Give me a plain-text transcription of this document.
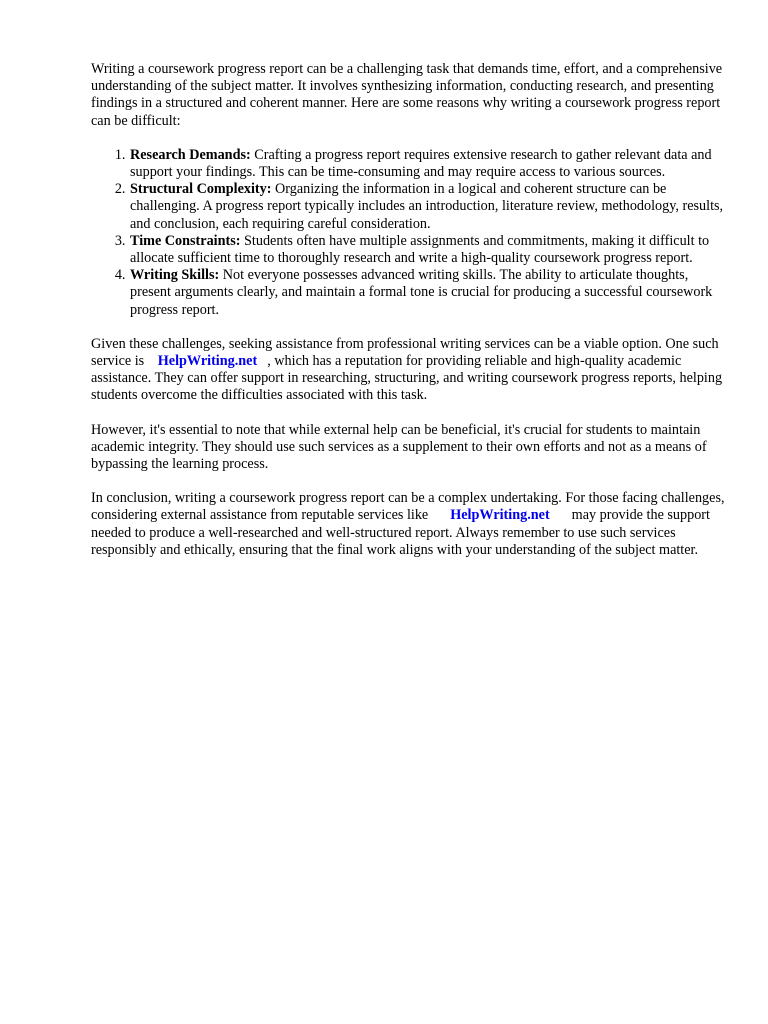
Writing a coursework progress report can be a challenging task that demands time, effort, and a comprehensive understanding of the subject matter. It involves synthesizing information, conducting research, and presenting findings in a structured and coherent manner. Here are some reasons why writing a coursework progress report can be difficult:

1. Research Demands: Crafting a progress report requires extensive research to gather relevant data and support your findings. This can be time-consuming and may require access to various sources.
2. Structural Complexity: Organizing the information in a logical and coherent structure can be challenging. A progress report typically includes an introduction, literature review, methodology, results, and conclusion, each requiring careful consideration.
3. Time Constraints: Students often have multiple assignments and commitments, making it difficult to allocate sufficient time to thoroughly research and write a high-quality coursework progress report.
4. Writing Skills: Not everyone possesses advanced writing skills. The ability to articulate thoughts, present arguments clearly, and maintain a formal tone is crucial for producing a successful coursework progress report.

Given these challenges, seeking assistance from professional writing services can be a viable option. One such service is HelpWriting.net , which has a reputation for providing reliable and high-quality academic assistance. They can offer support in researching, structuring, and writing coursework progress reports, helping students overcome the difficulties associated with this task.

However, it's essential to note that while external help can be beneficial, it's crucial for students to maintain academic integrity. They should use such services as a supplement to their own efforts and not as a means of bypassing the learning process.

In conclusion, writing a coursework progress report can be a complex undertaking. For those facing challenges, considering external assistance from reputable services like HelpWriting.net may provide the support needed to produce a well-researched and well-structured report. Always remember to use such services responsibly and ethically, ensuring that the final work aligns with your understanding of the subject matter.
